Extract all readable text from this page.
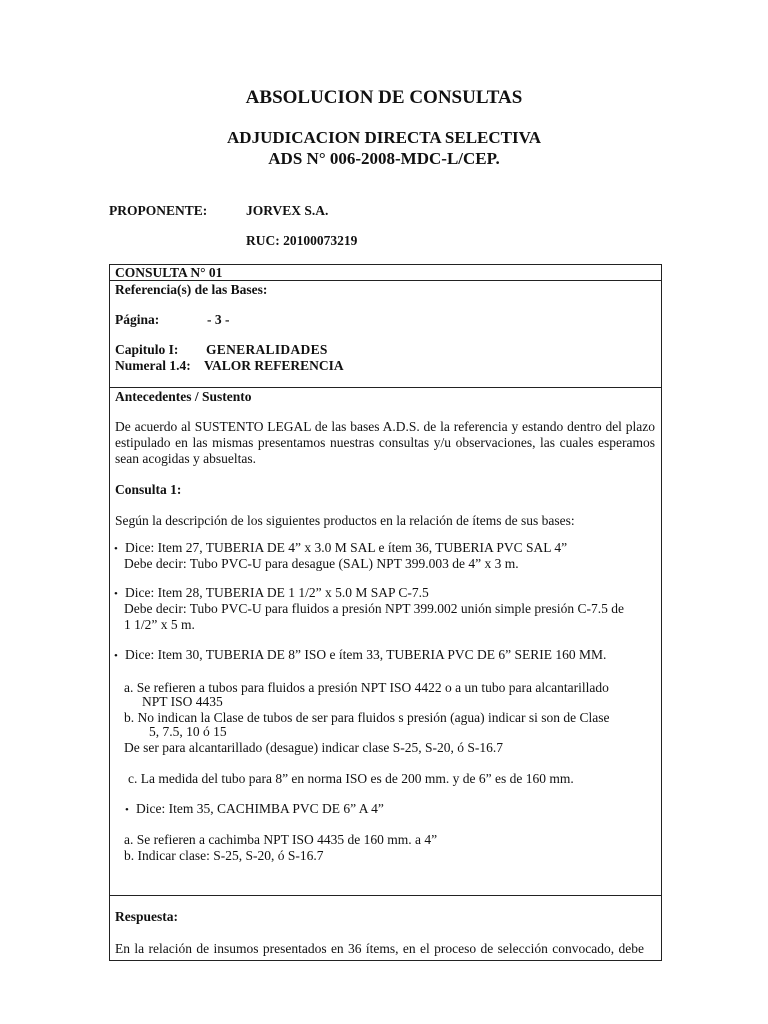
ABSOLUCION DE CONSULTAS
ADJUDICACION DIRECTA SELECTIVA
ADS N° 006-2008-MDC-L/CEP.
PROPONENTE:	JORVEX S.A.
RUC: 20100073219
CONSULTA N° 01
Referencia(s) de las Bases:
Página:	- 3 -
Capitulo I: GENERALIDADES
Numeral 1.4: VALOR REFERENCIA
Antecedentes / Sustento
De acuerdo al SUSTENTO LEGAL de las bases A.D.S. de la referencia y estando dentro del plazo estipulado en las mismas presentamos nuestras consultas y/u observaciones, las cuales esperamos sean acogidas y absueltas.
Consulta 1:
Según la descripción de los siguientes productos en la relación de ítems de sus bases:
• Dice: Item 27, TUBERIA DE 4” x 3.0 M SAL e ítem 36, TUBERIA PVC SAL 4”
Debe decir: Tubo PVC-U para desague (SAL) NPT 399.003 de 4” x 3 m.
• Dice: Item 28, TUBERIA DE 1 1/2” x 5.0 M SAP C-7.5
Debe decir: Tubo PVC-U para fluidos a presión NPT 399.002 unión simple presión C-7.5 de
1 1/2” x 5 m.
• Dice: Item 30, TUBERIA DE 8” ISO e ítem 33, TUBERIA PVC DE 6” SERIE 160 MM.
a. Se refieren a tubos para fluidos a presión NPT ISO 4422 o a un tubo para alcantarillado
NPT ISO 4435
b. No indican la Clase de tubos de ser para fluidos s presión (agua) indicar si son de Clase
5, 7.5, 10 ó 15
De ser para alcantarillado (desague) indicar clase S-25, S-20, ó S-16.7
c. La medida del tubo para 8” en norma ISO es de 200 mm. y de 6” es de 160 mm.
• Dice: Item 35, CACHIMBA PVC DE 6” A 4”
a. Se refieren a cachimba NPT ISO 4435 de 160 mm. a 4”
b. Indicar clase: S-25, S-20, ó S-16.7
Respuesta:
En la relación de insumos presentados en 36 ítems, en el proceso de selección convocado, debe
